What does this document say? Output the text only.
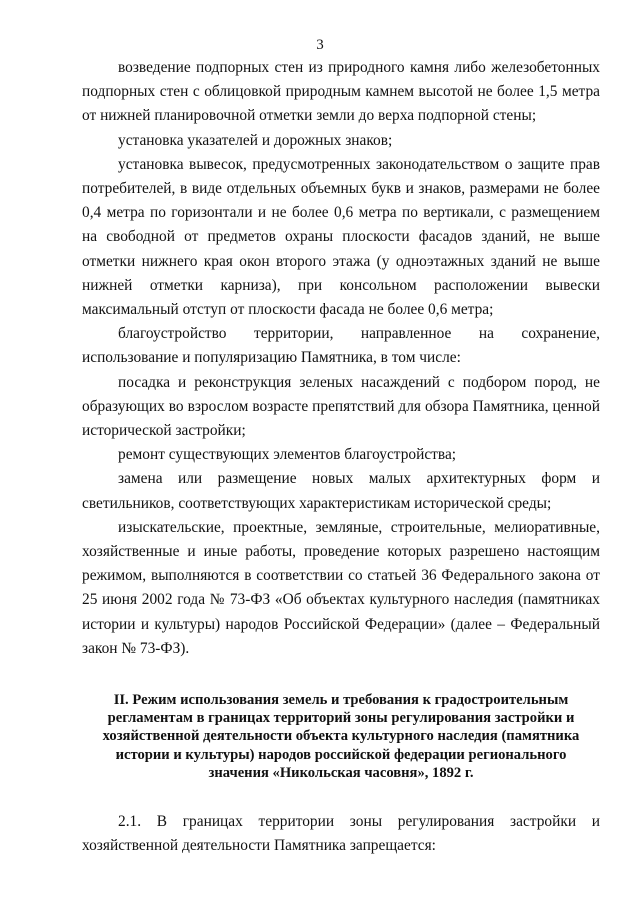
3

возведение подпорных стен из природного камня либо железобетонных подпорных стен с облицовкой природным камнем высотой не более 1,5 метра от нижней планировочной отметки земли до верха подпорной стены;

установка указателей и дорожных знаков;

установка вывесок, предусмотренных законодательством о защите прав потребителей, в виде отдельных объемных букв и знаков, размерами не более 0,4 метра по горизонтали и не более 0,6 метра по вертикали, с размещением на свободной от предметов охраны плоскости фасадов зданий, не выше отметки нижнего края окон второго этажа (у одноэтажных зданий не выше нижней отметки карниза), при консольном расположении вывески максимальный отступ от плоскости фасада не более 0,6 метра;

благоустройство территории, направленное на сохранение, использование и популяризацию Памятника, в том числе:

посадка и реконструкция зеленых насаждений с подбором пород, не образующих во взрослом возрасте препятствий для обзора Памятника, ценной исторической застройки;

ремонт существующих элементов благоустройства;

замена или размещение новых малых архитектурных форм и светильников, соответствующих характеристикам исторической среды;

изыскательские, проектные, земляные, строительные, мелиоративные, хозяйственные и иные работы, проведение которых разрешено настоящим режимом, выполняются в соответствии со статьей 36 Федерального закона от 25 июня 2002 года № 73-ФЗ «Об объектах культурного наследия (памятниках истории и культуры) народов Российской Федерации» (далее – Федеральный закон № 73-ФЗ).

II. Режим использования земель и требования к градостроительным регламентам в границах территорий зоны регулирования застройки и хозяйственной деятельности объекта культурного наследия (памятника истории и культуры) народов российской федерации регионального значения «Никольская часовня», 1892 г.

2.1. В границах территории зоны регулирования застройки и хозяйственной деятельности Памятника запрещается:
